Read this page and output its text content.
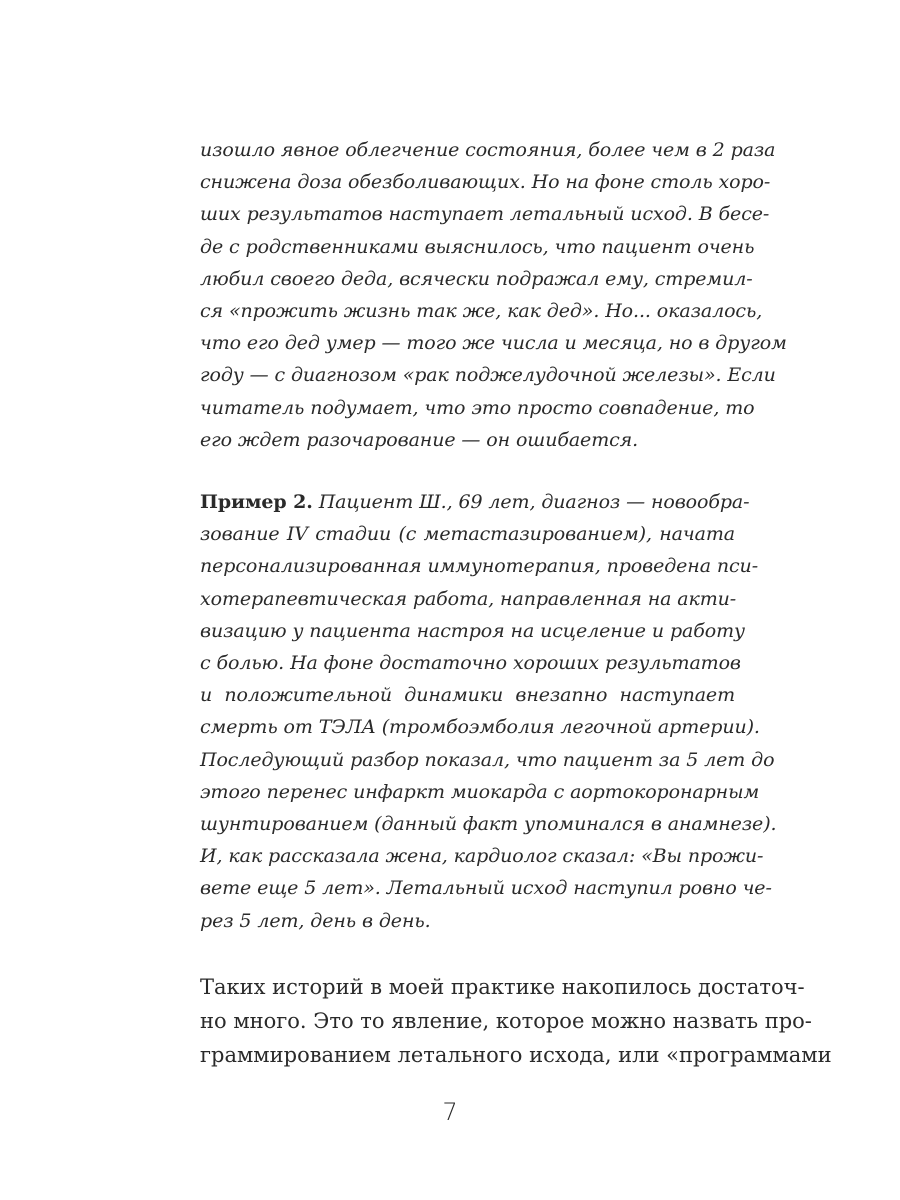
изошло явное облегчение состояния, более чем в 2 раза
снижена доза обезболивающих. Но на фоне столь хоро-
ших результатов наступает летальный исход. В бесе-
де с родственниками выяснилось, что пациент очень
любил своего деда, всячески подражал ему, стремил-
ся «прожить жизнь так же, как дед». Но... оказалось,
что его дед умер — того же числа и месяца, но в другом
году — с диагнозом «рак поджелудочной железы». Если
читатель подумает, что это просто совпадение, то
его ждет разочарование — он ошибается.
Пример 2. Пациент Ш., 69 лет, диагноз — новообра-
зование IV стадии (с метастазированием), начата
персонализированная иммунотерапия, проведена пси-
хотерапевтическая работа, направленная на акти-
визацию у пациента настроя на исцеление и работу
с болью. На фоне достаточно хороших результатов
и положительной динамики внезапно наступает
смерть от ТЭЛА (тромбоэмболия легочной артерии).
Последующий разбор показал, что пациент за 5 лет до
этого перенес инфаркт миокарда с аортокоронарным
шунтированием (данный факт упоминался в анамнезе).
И, как рассказала жена, кардиолог сказал: «Вы прожи-
вете еще 5 лет». Летальный исход наступил ровно че-
рез 5 лет, день в день.
Таких историй в моей практике накопилось достаточ-
но много. Это то явление, которое можно назвать про-
граммированием летального исхода, или «программами
7
